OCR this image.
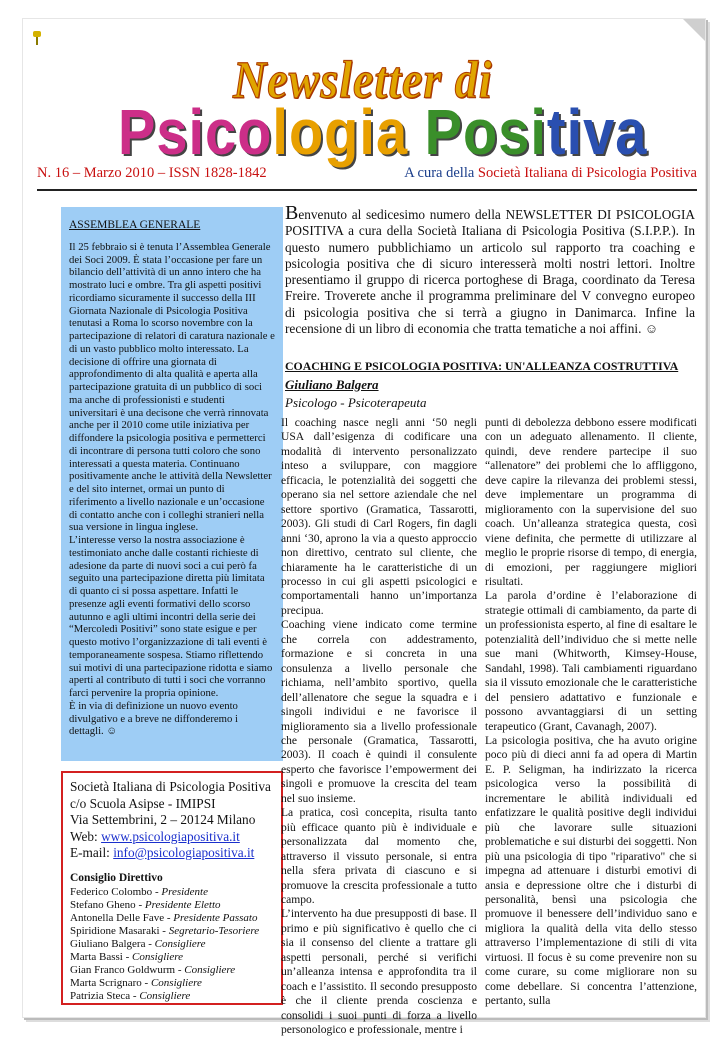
Newsletter di
Psicologia Positiva
N. 16 – Marzo 2010 – ISSN 1828-1842	A cura della Società Italiana di Psicologia Positiva
ASSEMBLEA GENERALE

Il 25 febbraio si è tenuta l’Assemblea Generale dei Soci 2009. È stata l’occasione per fare un bilancio dell’attività di un anno intero che ha mostrato luci e ombre. Tra gli aspetti positivi ricordiamo sicuramente il successo della III Giornata Nazionale di Psicologia Positiva tenutasi a Roma lo scorso novembre con la partecipazione di relatori di caratura nazionale e di un vasto pubblico molto interessato. La decisione di offrire una giornata di approfondimento di alta qualità e aperta alla partecipazione gratuita di un pubblico di soci ma anche di professionisti e studenti universitari è una decisone che verrà rinnovata anche per il 2010 come utile iniziativa per diffondere la psicologia positiva e permetterci di incontrare di persona tutti coloro che sono interessati a questa materia. Continuano positivamente anche le attività della Newsletter e del sito internet, ormai un punto di riferimento a livello nazionale e un’occasione di contatto anche con i colleghi stranieri nella sua versione in lingua inglese.

L’interesse verso la nostra associazione è testimoniato anche dalle costanti richieste di adesione da parte di nuovi soci a cui però fa seguito una partecipazione diretta più limitata di quanto ci si possa aspettare. Infatti le presenze agli eventi formativi dello scorso autunno e agli ultimi incontri della serie dei “Mercoledì Positivi” sono state esigue e per questo motivo l’organizzazione di tali eventi è temporaneamente sospesa. Stiamo riflettendo sui motivi di una partecipazione ridotta e siamo aperti al contributo di tutti i soci che vorranno farci pervenire la propria opinione.

È in via di definizione un nuovo evento divulgativo e a breve ne diffonderemo i dettagli. ☺

Società Italiana di Psicologia Positiva
c/o Scuola Asipse - IMIPSI
Via Settembrini, 2 – 20124 Milano
Web: www.psicologiapositiva.it
E-mail: info@psicologiapositiva.it
Consiglio Direttivo
Federico Colombo - Presidente
Stefano Gheno - Presidente Eletto
Antonella Delle Fave - Presidente Passato
Spiridione Masaraki - Segretario-Tesoriere
Giuliano Balgera - Consigliere
Marta Bassi - Consigliere
Gian Franco Goldwurm - Consigliere
Marta Scrignaro - Consigliere
Patrizia Steca - Consigliere
Benvenuto al sedicesimo numero della NEWSLETTER DI PSICOLOGIA POSITIVA a cura della Società Italiana di Psicologia Positiva (S.I.P.P.). In questo numero pubblichiamo un articolo sul rapporto tra coaching e psicologia positiva che di sicuro interesserà molti nostri lettori. Inoltre presentiamo il gruppo di ricerca portoghese di Braga, coordinato da Teresa Freire. Troverete anche il programma preliminare del V convegno europeo di psicologia positiva che si terrà a giugno in Danimarca. Infine la recensione di un libro di economia che tratta tematiche a noi affini. ☺
COACHING E PSICOLOGIA POSITIVA: UN'ALLEANZA COSTRUTTIVA
Giuliano Balgera
Psicologo - Psicoterapeuta

Il coaching nasce negli anni ‘50 negli USA dall’esigenza di codificare una modalità di intervento personalizzato inteso a sviluppare, con maggiore efficacia, le potenzialità dei soggetti che operano sia nel settore aziendale che nel settore sportivo (Gramatica, Tassarotti, 2003). Gli studi di Carl Rogers, fin dagli anni ‘30, aprono la via a questo approccio non direttivo, centrato sul cliente, che chiaramente ha le caratteristiche di un processo in cui gli aspetti psicologici e comportamentali hanno un’importanza precipua.

Coaching viene indicato come termine che correla con addestramento, formazione e si concreta in una consulenza a livello personale che richiama, nell’ambito sportivo, quella dell’allenatore che segue la squadra e i singoli individui e ne favorisce il miglioramento sia a livello professionale che personale (Gramatica, Tassarotti, 2003). Il coach è quindi il consulente esperto che favorisce l’empowerment dei singoli e promuove la crescita del team nel suo insieme.

La pratica, così concepita, risulta tanto più efficace quanto più è individuale e personalizzata dal momento che, attraverso il vissuto personale, si entra nella sfera privata di ciascuno e si promuove la crescita professionale a tutto campo.

L’intervento ha due presupposti di base. Il primo e più significativo è quello che ci sia il consenso del cliente a trattare gli aspetti personali, perché si verifichi un’alleanza intensa e approfondita tra il coach e l’assistito. Il secondo presupposto è che il cliente prenda coscienza e consolidi i suoi punti di forza a livello personologico e professionale, mentre i

punti di debolezza debbono essere modificati con un adeguato allenamento. Il cliente, quindi, deve rendere partecipe il suo “allenatore” dei problemi che lo affliggono, deve capire la rilevanza dei problemi stessi, deve implementare un programma di miglioramento con la supervisione del suo coach. Un’alleanza strategica questa, così viene definita, che permette di utilizzare al meglio le proprie risorse di tempo, di energia, di emozioni, per raggiungere migliori risultati.

La parola d’ordine è l’elaborazione di strategie ottimali di cambiamento, da parte di un professionista esperto, al fine di esaltare le potenzialità dell’individuo che si mette nelle sue mani (Whitworth, Kimsey-House, Sandahl, 1998). Tali cambiamenti riguardano sia il vissuto emozionale che le caratteristiche del pensiero adattativo e funzionale e possono avvantaggiarsi di un setting terapeutico (Grant, Cavanagh, 2007).

La psicologia positiva, che ha avuto origine poco più di dieci anni fa ad opera di Martin E. P. Seligman, ha indirizzato la ricerca psicologica verso la possibilità di incrementare le abilità individuali ed enfatizzare le qualità positive degli individui più che lavorare sulle situazioni problematiche e sui disturbi dei soggetti. Non più una psicologia di tipo "riparativo" che si impegna ad attenuare i disturbi emotivi di ansia e depressione oltre che i disturbi di personalità, bensì una psicologia che promuove il benessere dell’individuo sano e migliora la qualità della vita dello stesso attraverso l’implementazione di stili di vita virtuosi. Il focus è su come prevenire non su come curare, su come migliorare non su come debellare. Si concentra l’attenzione, pertanto, sulla
